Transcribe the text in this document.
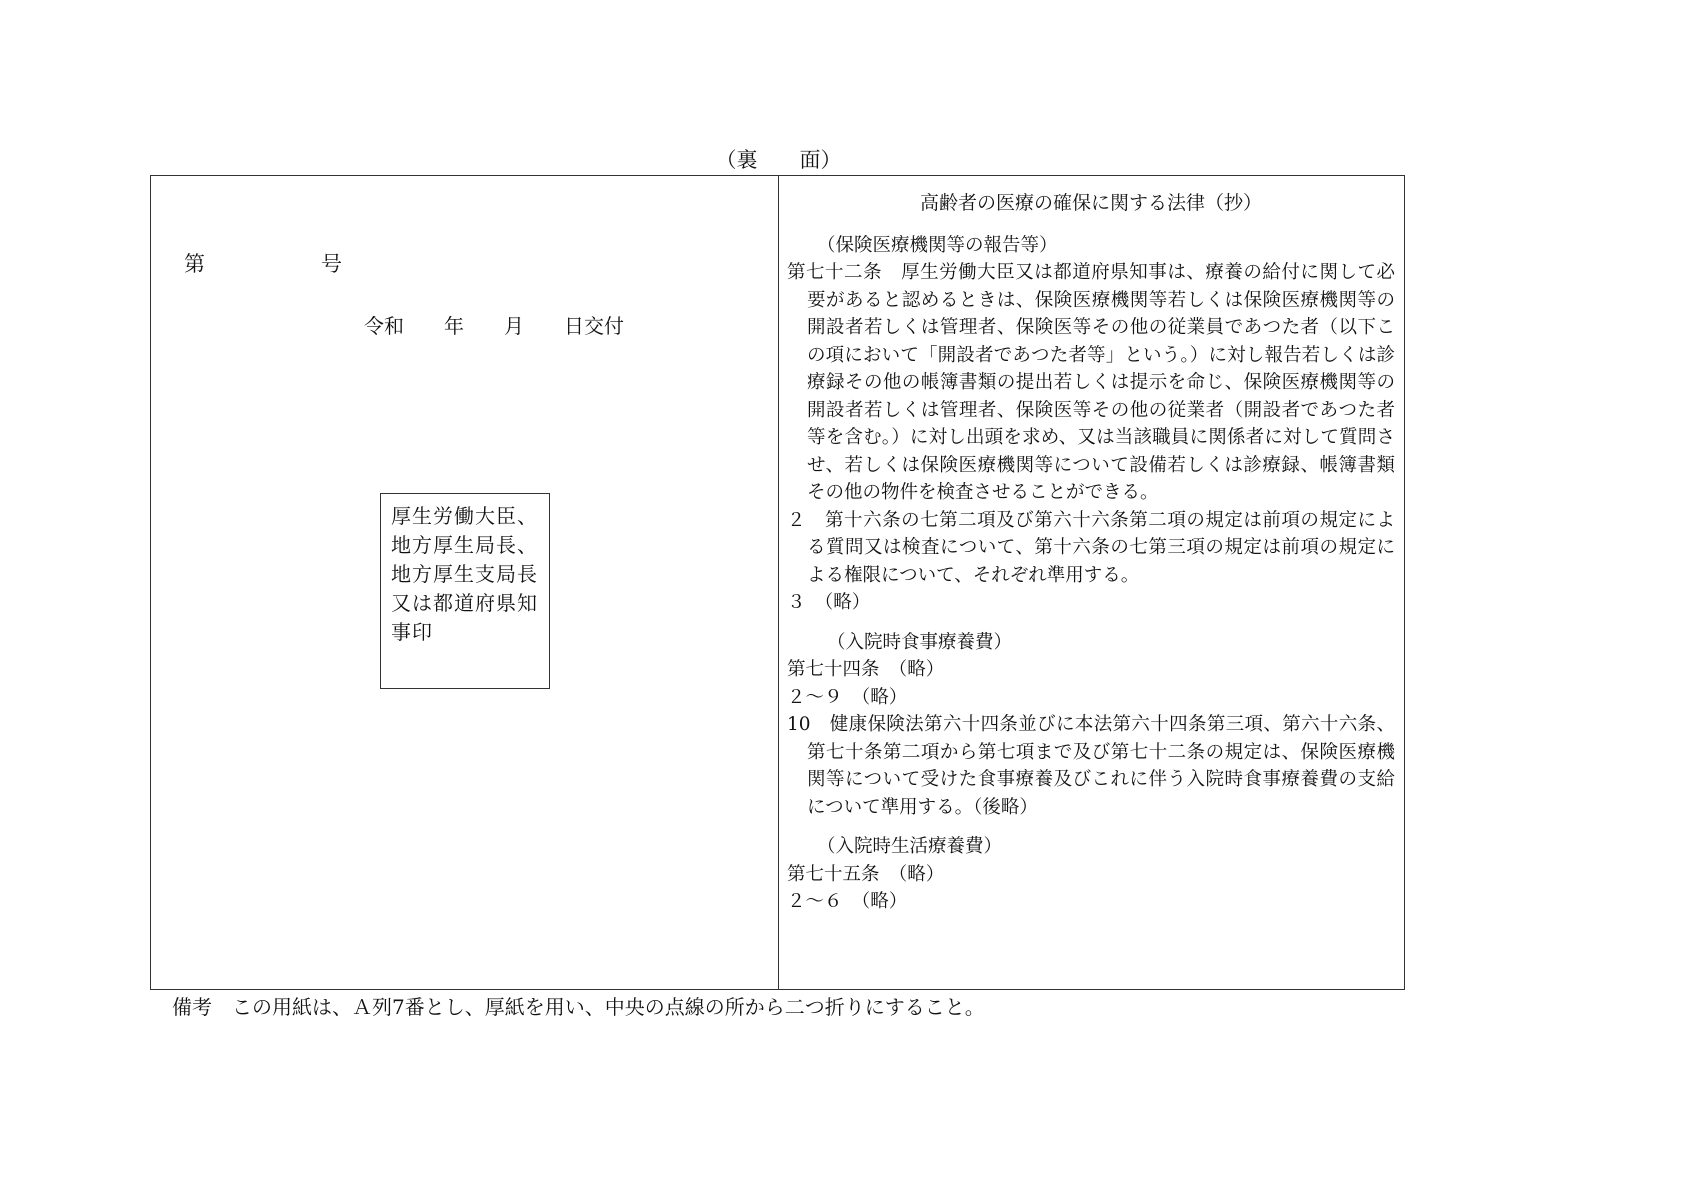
（裏　　面）
第	号
令和　　年　　月　　日交付
厚生労働大臣、地方厚生局長、地方厚生支局長又は都道府県知事印
高齢者の医療の確保に関する法律（抄）
（保険医療機関等の報告等）

第七十二条　厚生労働大臣又は都道府県知事は、療養の給付に関して必要があると認めるときは、保険医療機関等若しくは保険医療機関等の開設者若しくは管理者、保険医等その他の従業員であつた者（以下この項において「開設者であつた者等」という。）に対し報告若しくは診療録その他の帳簿書類の提出若しくは提示を命じ、保険医療機関等の開設者若しくは管理者、保険医等その他の従業者（開設者であつた者等を含む。）に対し出頭を求め、又は当該職員に関係者に対して質問させ、若しくは保険医療機関等について設備若しくは診療録、帳簿書類その他の物件を検査させることができる。

２　第十六条の七第二項及び第六十六条第二項の規定は前項の規定による質問又は検査について、第十六条の七第三項の規定は前項の規定による権限について、それぞれ準用する。

３　（略）

（入院時食事療養費）

第七十四条　（略）

２～９　（略）

10　健康保険法第六十四条並びに本法第六十四条第三項、第六十六条、第七十条第二項から第七項まで及び第七十二条の規定は、保険医療機関等について受けた食事療養及びこれに伴う入院時食事療養費の支給について準用する。（後略）

（入院時生活療養費）

第七十五条　（略）

２～６　（略）

備考　この用紙は、Ａ列7番とし、厚紙を用い、中央の点線の所から二つ折りにすること。
